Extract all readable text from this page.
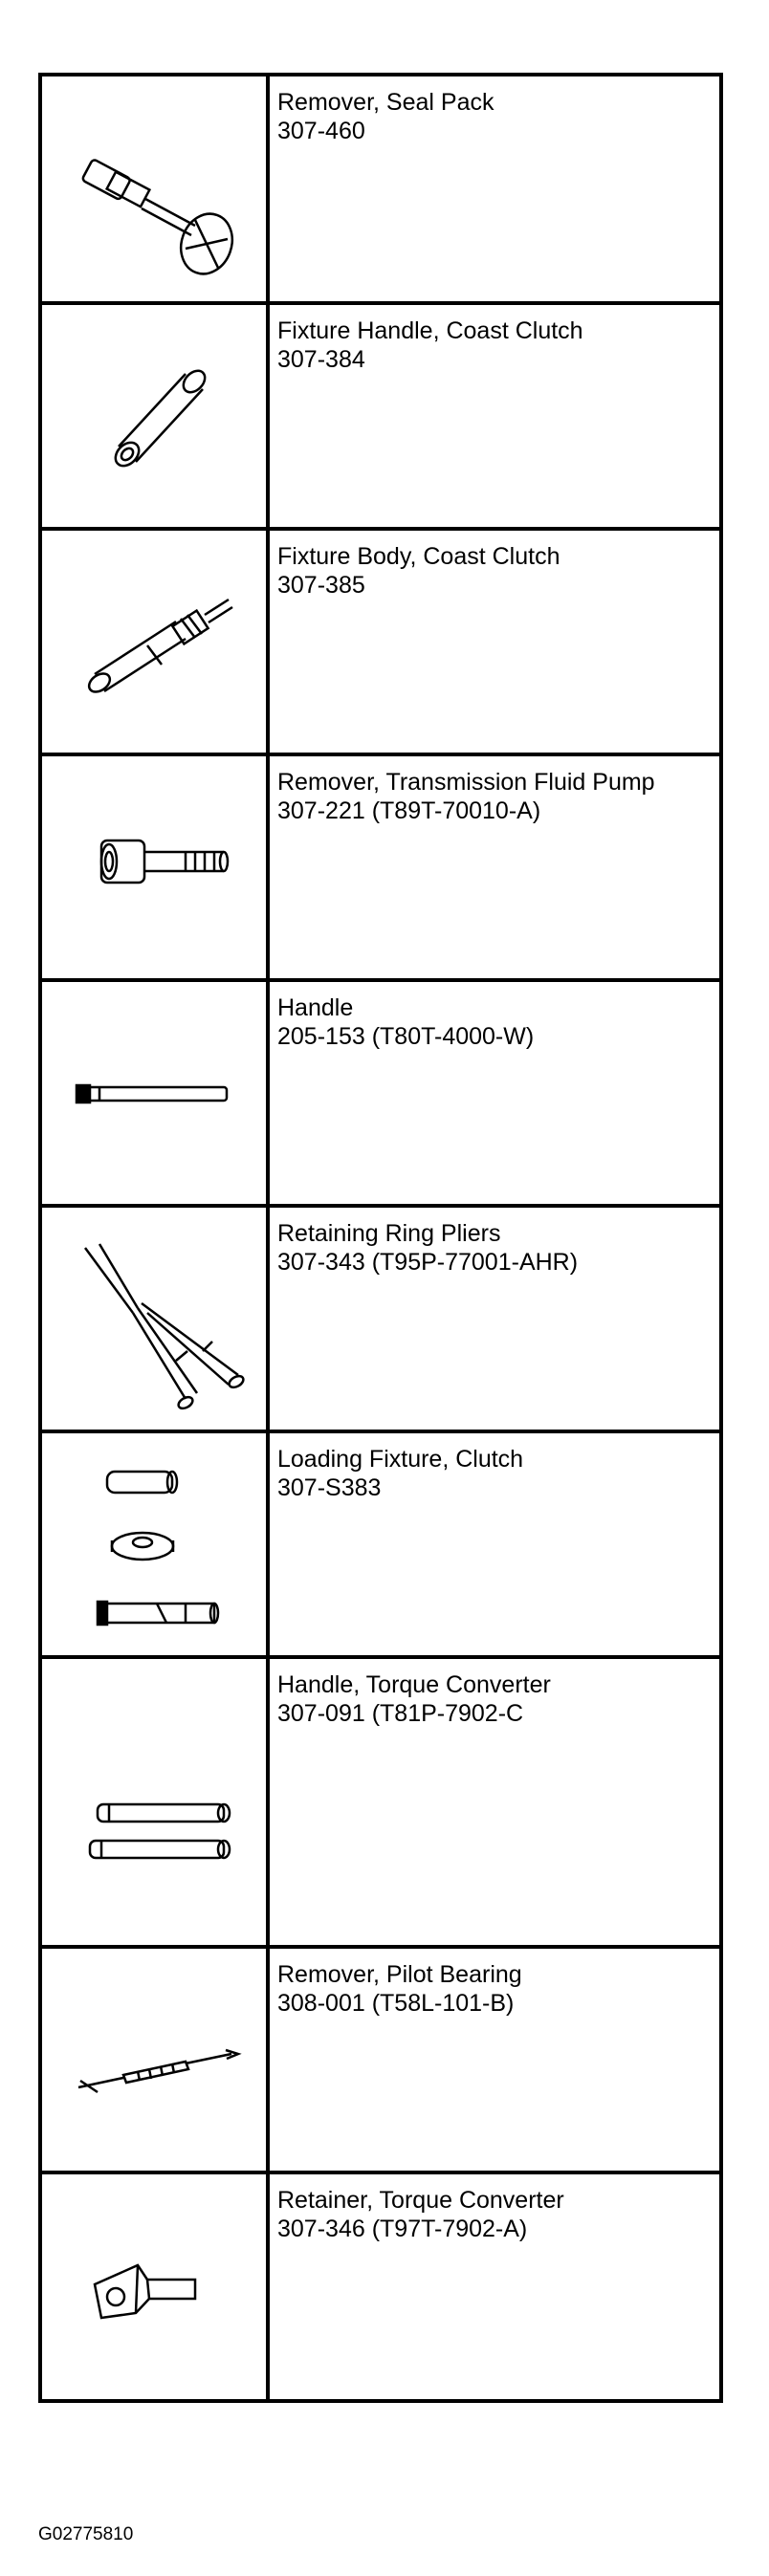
Remover, Seal Pack
307-460

Fixture Handle, Coast Clutch
307-384

Fixture Body, Coast Clutch
307-385

Remover, Transmission Fluid Pump
307-221 (T89T-70010-A)

Handle
205-153 (T80T-4000-W)

Retaining Ring Pliers
307-343 (T95P-77001-AHR)

Loading Fixture, Clutch
307-S383

Handle, Torque Converter
307-091 (T81P-7902-C

Remover, Pilot Bearing
308-001 (T58L-101-B)

Retainer, Torque Converter
307-346 (T97T-7902-A)
G02775810
